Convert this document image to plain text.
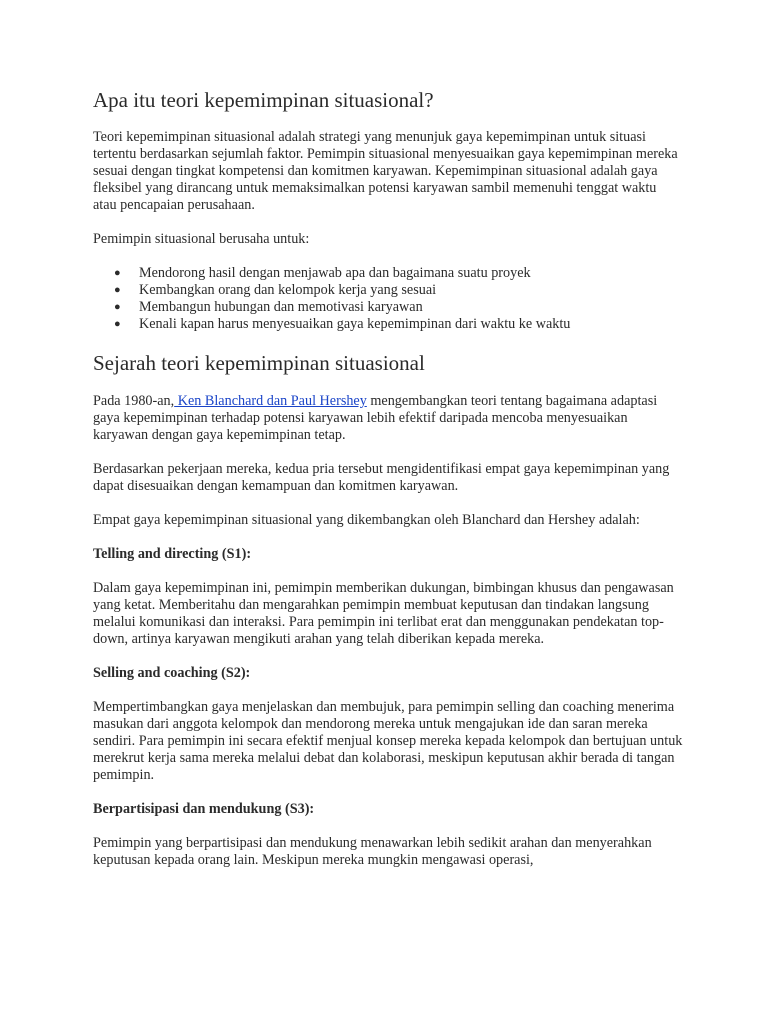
Apa itu teori kepemimpinan situasional?

Teori kepemimpinan situasional adalah strategi yang menunjuk gaya kepemimpinan untuk situasi tertentu berdasarkan sejumlah faktor. Pemimpin situasional menyesuaikan gaya kepemimpinan mereka sesuai dengan tingkat kompetensi dan komitmen karyawan. Kepemimpinan situasional adalah gaya fleksibel yang dirancang untuk memaksimalkan potensi karyawan sambil memenuhi tenggat waktu atau pencapaian perusahaan.

Pemimpin situasional berusaha untuk:

● Mendorong hasil dengan menjawab apa dan bagaimana suatu proyek
● Kembangkan orang dan kelompok kerja yang sesuai
● Membangun hubungan dan memotivasi karyawan
● Kenali kapan harus menyesuaikan gaya kepemimpinan dari waktu ke waktu
Sejarah teori kepemimpinan situasional

Pada 1980-an, Ken Blanchard dan Paul Hershey mengembangkan teori tentang bagaimana adaptasi gaya kepemimpinan terhadap potensi karyawan lebih efektif daripada mencoba menyesuaikan karyawan dengan gaya kepemimpinan tetap.

Berdasarkan pekerjaan mereka, kedua pria tersebut mengidentifikasi empat gaya kepemimpinan yang dapat disesuaikan dengan kemampuan dan komitmen karyawan.

Empat gaya kepemimpinan situasional yang dikembangkan oleh Blanchard dan Hershey adalah:

Telling and directing (S1):

Dalam gaya kepemimpinan ini, pemimpin memberikan dukungan, bimbingan khusus dan pengawasan yang ketat. Memberitahu dan mengarahkan pemimpin membuat keputusan dan tindakan langsung melalui komunikasi dan interaksi. Para pemimpin ini terlibat erat dan menggunakan pendekatan top-down, artinya karyawan mengikuti arahan yang telah diberikan kepada mereka.

Selling and coaching (S2):

Mempertimbangkan gaya menjelaskan dan membujuk, para pemimpin selling dan coaching menerima masukan dari anggota kelompok dan mendorong mereka untuk mengajukan ide dan saran mereka sendiri. Para pemimpin ini secara efektif menjual konsep mereka kepada kelompok dan bertujuan untuk merekrut kerja sama mereka melalui debat dan kolaborasi, meskipun keputusan akhir berada di tangan pemimpin.

Berpartisipasi dan mendukung (S3):

Pemimpin yang berpartisipasi dan mendukung menawarkan lebih sedikit arahan dan menyerahkan keputusan kepada orang lain. Meskipun mereka mungkin mengawasi operasi,
